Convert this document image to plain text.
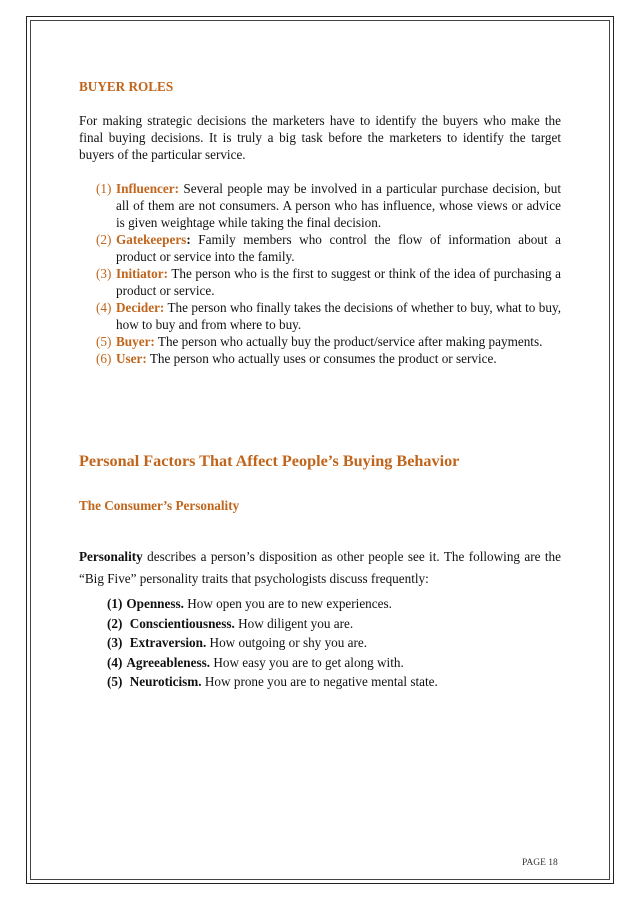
BUYER ROLES

For making strategic decisions the marketers have to identify the buyers who make the final buying decisions. It is truly a big task before the marketers to identify the target buyers of the particular service.

(1) Influencer: Several people may be involved in a particular purchase decision, but all of them are not consumers. A person who has influence, whose views or advice is given weightage while taking the final decision.
(2) Gatekeepers: Family members who control the flow of information about a product or service into the family.
(3) Initiator: The person who is the first to suggest or think of the idea of purchasing a product or service.
(4) Decider: The person who finally takes the decisions of whether to buy, what to buy, how to buy and from where to buy.
(5) Buyer: The person who actually buy the product/service after making payments.
(6) User: The person who actually uses or consumes the product or service.
Personal Factors That Affect People’s Buying Behavior
The Consumer’s Personality

Personality describes a person’s disposition as other people see it. The following are the “Big Five” personality traits that psychologists discuss frequently:

(1) Openness. How open you are to new experiences.
(2) Conscientiousness. How diligent you are.
(3) Extraversion. How outgoing or shy you are.
(4) Agreeableness. How easy you are to get along with.
(5) Neuroticism. How prone you are to negative mental state.
PAGE 18
